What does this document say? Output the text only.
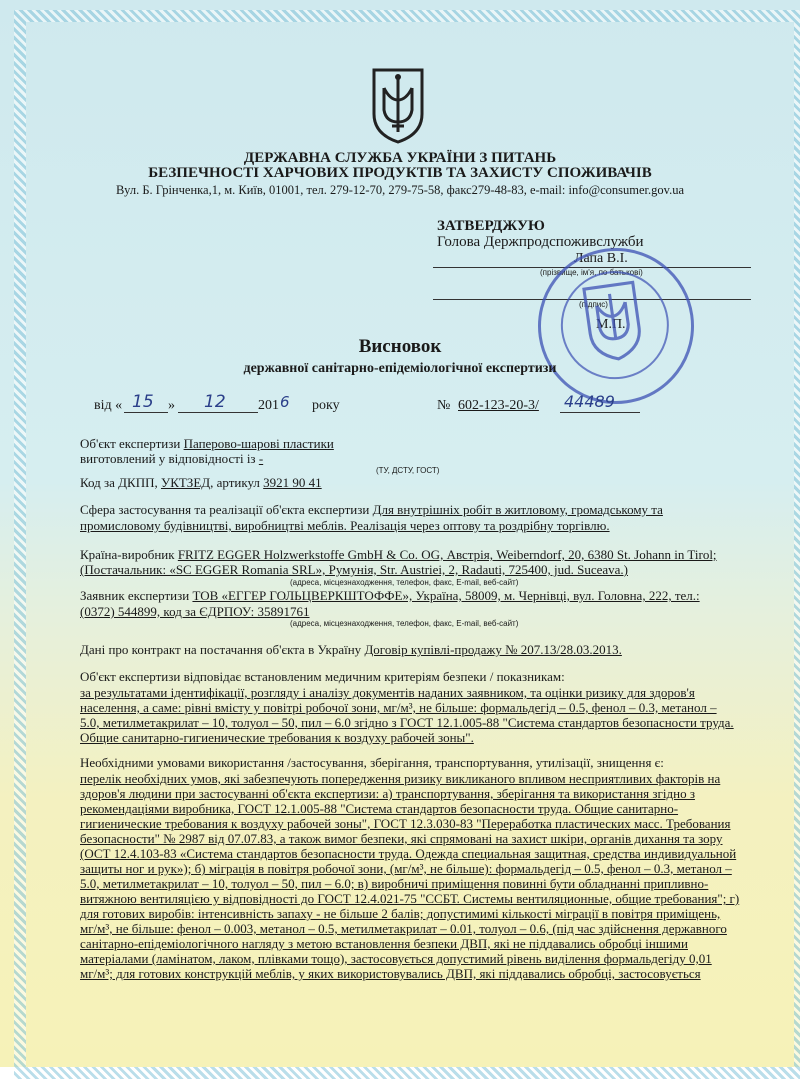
ДЕРЖАВНА СЛУЖБА УКРАЇНИ З ПИТАНЬ
БЕЗПЕЧНОСТІ ХАРЧОВИХ ПРОДУКТІВ ТА ЗАХИСТУ СПОЖИВАЧІВ
Вул. Б. Грінченка,1, м. Київ, 01001, тел. 279-12-70, 279-75-58, факс279-48-83, e-mail: info@consumer.gov.ua
ЗАТВЕРДЖУЮ
Голова Держпродспоживслужби
Лапа В.І.
(прізвище, ім'я, по батькові)
(підпис)
М.П.
Висновок
державної санітарно-епідеміологічної експертизи
від « 15 » 12 201 6 року	№ 602-123-20-3/ 44489
Об'єкт експертизи Паперово-шарові пластики
виготовлений у відповідності із -
(ТУ, ДСТУ, ГОСТ)
Код за ДКПП, УКТЗЕД, артикул 3921 90 41
Сфера застосування та реалізації об'єкта експертизи Для внутрішніх робіт в житловому, громадському та
промисловому будівництві, виробництві меблів. Реалізація через оптову та роздрібну торгівлю.
Країна-виробник FRITZ EGGER Holzwerkstoffe GmbH & Co. OG, Австрія, Weiberndorf, 20, 6380 St. Johann in Tirol;
(Постачальник: «SC EGGER Romania SRL», Румунія, Str. Austriei, 2, Radauti, 725400, jud. Suceava.)
(адреса, місцезнаходження, телефон, факс, E-mail, веб-сайт)
Заявник експертизи ТОВ «ЕГГЕР ГОЛЬЦВЕРКШТОФФЕ», Україна, 58009, м. Чернівці, вул. Головна, 222, тел.:
(0372) 544899, код за ЄДРПОУ: 35891761
(адреса, місцезнаходження, телефон, факс, E-mail, веб-сайт)
Дані про контракт на постачання об'єкта в Україну Договір купівлі-продажу № 207.13/28.03.2013.
Об'єкт експертизи відповідає встановленим медичним критеріям безпеки / показникам:
за результатами ідентифікації, розгляду і аналізу документів наданих заявником, та оцінки ризику для здоров'я
населення, а саме: рівні вмісту у повітрі робочої зони, мг/м³, не більше: формальдегід – 0.5, фенол – 0.3, метанол –
5.0, метилметакрилат – 10, толуол – 50, пил – 6.0 згідно з ГОСТ 12.1.005-88 "Система стандартов безопасности труда.
Общие санитарно-гигиенические требования к воздуху рабочей зоны".
Необхідними умовами використання /застосування, зберігання, транспортування, утилізації, знищення є:
перелік необхідних умов, які забезпечують попередження ризику викликаного впливом несприятливих факторів на
здоров'я людини при застосуванні об'єкта експертизи: а) транспортування, зберігання та використання згідно з
рекомендаціями виробника, ГОСТ 12.1.005-88 "Система стандартов безопасности труда. Общие санитарно-
гигиенические требования к воздуху рабочей зоны", ГОСТ 12.3.030-83 "Переработка пластических масс. Требования
безопасности" № 2987 від 07.07.83, а також вимог безпеки, які спрямовані на захист шкіри, органів дихання та зору
(ОСТ 12.4.103-83 «Система стандартов безопасности труда. Одежда специальная защитная, средства индивидуальной
защиты ног и рук»); б) міграція в повітря робочої зони, (мг/м³, не більше): формальдегід – 0.5, фенол – 0.3, метанол –
5.0, метилметакрилат – 10, толуол – 50, пил – 6.0; в) виробничі приміщення повинні бути обладнанні припливно-
витяжною вентиляцією у відповідності до ГОСТ 12.4.021-75 "ССБТ. Системы вентиляционные, общие требования"; г)
для готових виробів: інтенсивність запаху - не більше 2 балів; допустимимі кількості міграції в повітря приміщень,
мг/м³, не більше: фенол – 0.003, метанол – 0.5, метилметакрилат – 0.01, толуол – 0.6, (під час здійснення державного
санітарно-епідеміологічного нагляду з метою встановлення безпеки ДВП, які не піддавались обробці іншими
матеріалами (ламінатом, лаком, плівками тощо), застосовується допустимий рівень виділення формальдегіду 0,01
мг/м³; для готових конструкцій меблів, у яких використовувались ДВП, які піддавались обробці, застосовується
